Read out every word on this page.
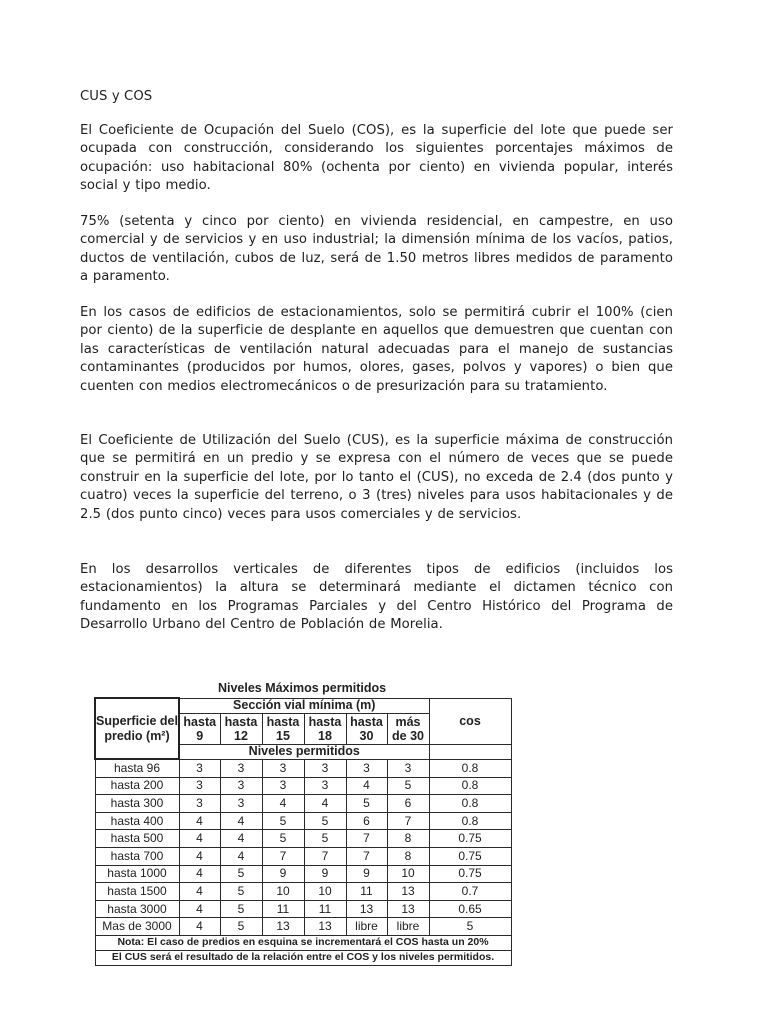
CUS y COS

El Coeficiente de Ocupación del Suelo (COS), es la superficie del lote que puede ser ocupada con construcción, considerando los siguientes porcentajes máximos de ocupación: uso habitacional 80% (ochenta por ciento) en vivienda popular, interés social y tipo medio.

75% (setenta y cinco por ciento) en vivienda residencial, en campestre, en uso comercial y de servicios y en uso industrial; la dimensión mínima de los vacíos, patios, ductos de ventilación, cubos de luz, será de 1.50 metros libres medidos de paramento a paramento.

En los casos de edificios de estacionamientos, solo se permitirá cubrir el 100% (cien por ciento) de la superficie de desplante en aquellos que demuestren que cuentan con las características de ventilación natural adecuadas para el manejo de sustancias contaminantes (producidos por humos, olores, gases, polvos y vapores) o bien que cuenten con medios electromecánicos o de presurización para su tratamiento.

El Coeficiente de Utilización del Suelo (CUS), es la superficie máxima de construcción que se permitirá en un predio y se expresa con el número de veces que se puede construir en la superficie del lote, por lo tanto el (CUS), no exceda de 2.4 (dos punto y cuatro) veces la superficie del terreno, o 3 (tres) niveles para usos habitacionales y de 2.5 (dos punto cinco) veces para usos comerciales y de servicios.

En los desarrollos verticales de diferentes tipos de edificios (incluidos los estacionamientos) la altura se determinará mediante el dictamen técnico con fundamento en los Programas Parciales y del Centro Histórico del Programa de Desarrollo Urbano del Centro de Población de Morelia.

Niveles Máximos permitidos
Superficie del predio (m²)	Sección vial mínima (m)						cos
	hasta 9	hasta 12	hasta 15	hasta 18	hasta 30	más de 30	
	Niveles permitidos						
hasta 96	3	3	3	3	3	3	0.8
hasta 200	3	3	3	3	4	5	0.8
hasta 300	3	3	4	4	5	6	0.8
hasta 400	4	4	5	5	6	7	0.8
hasta 500	4	4	5	5	7	8	0.75
hasta 700	4	4	7	7	7	8	0.75
hasta 1000	4	5	9	9	9	10	0.75
hasta 1500	4	5	10	10	11	13	0.7
hasta 3000	4	5	11	11	13	13	0.65
Mas de 3000	4	5	13	13	libre	libre	5
Nota: El caso de predios en esquina se incrementará el COS hasta un 20%							
El CUS será el resultado de la relación entre el COS y los niveles permitidos.							
